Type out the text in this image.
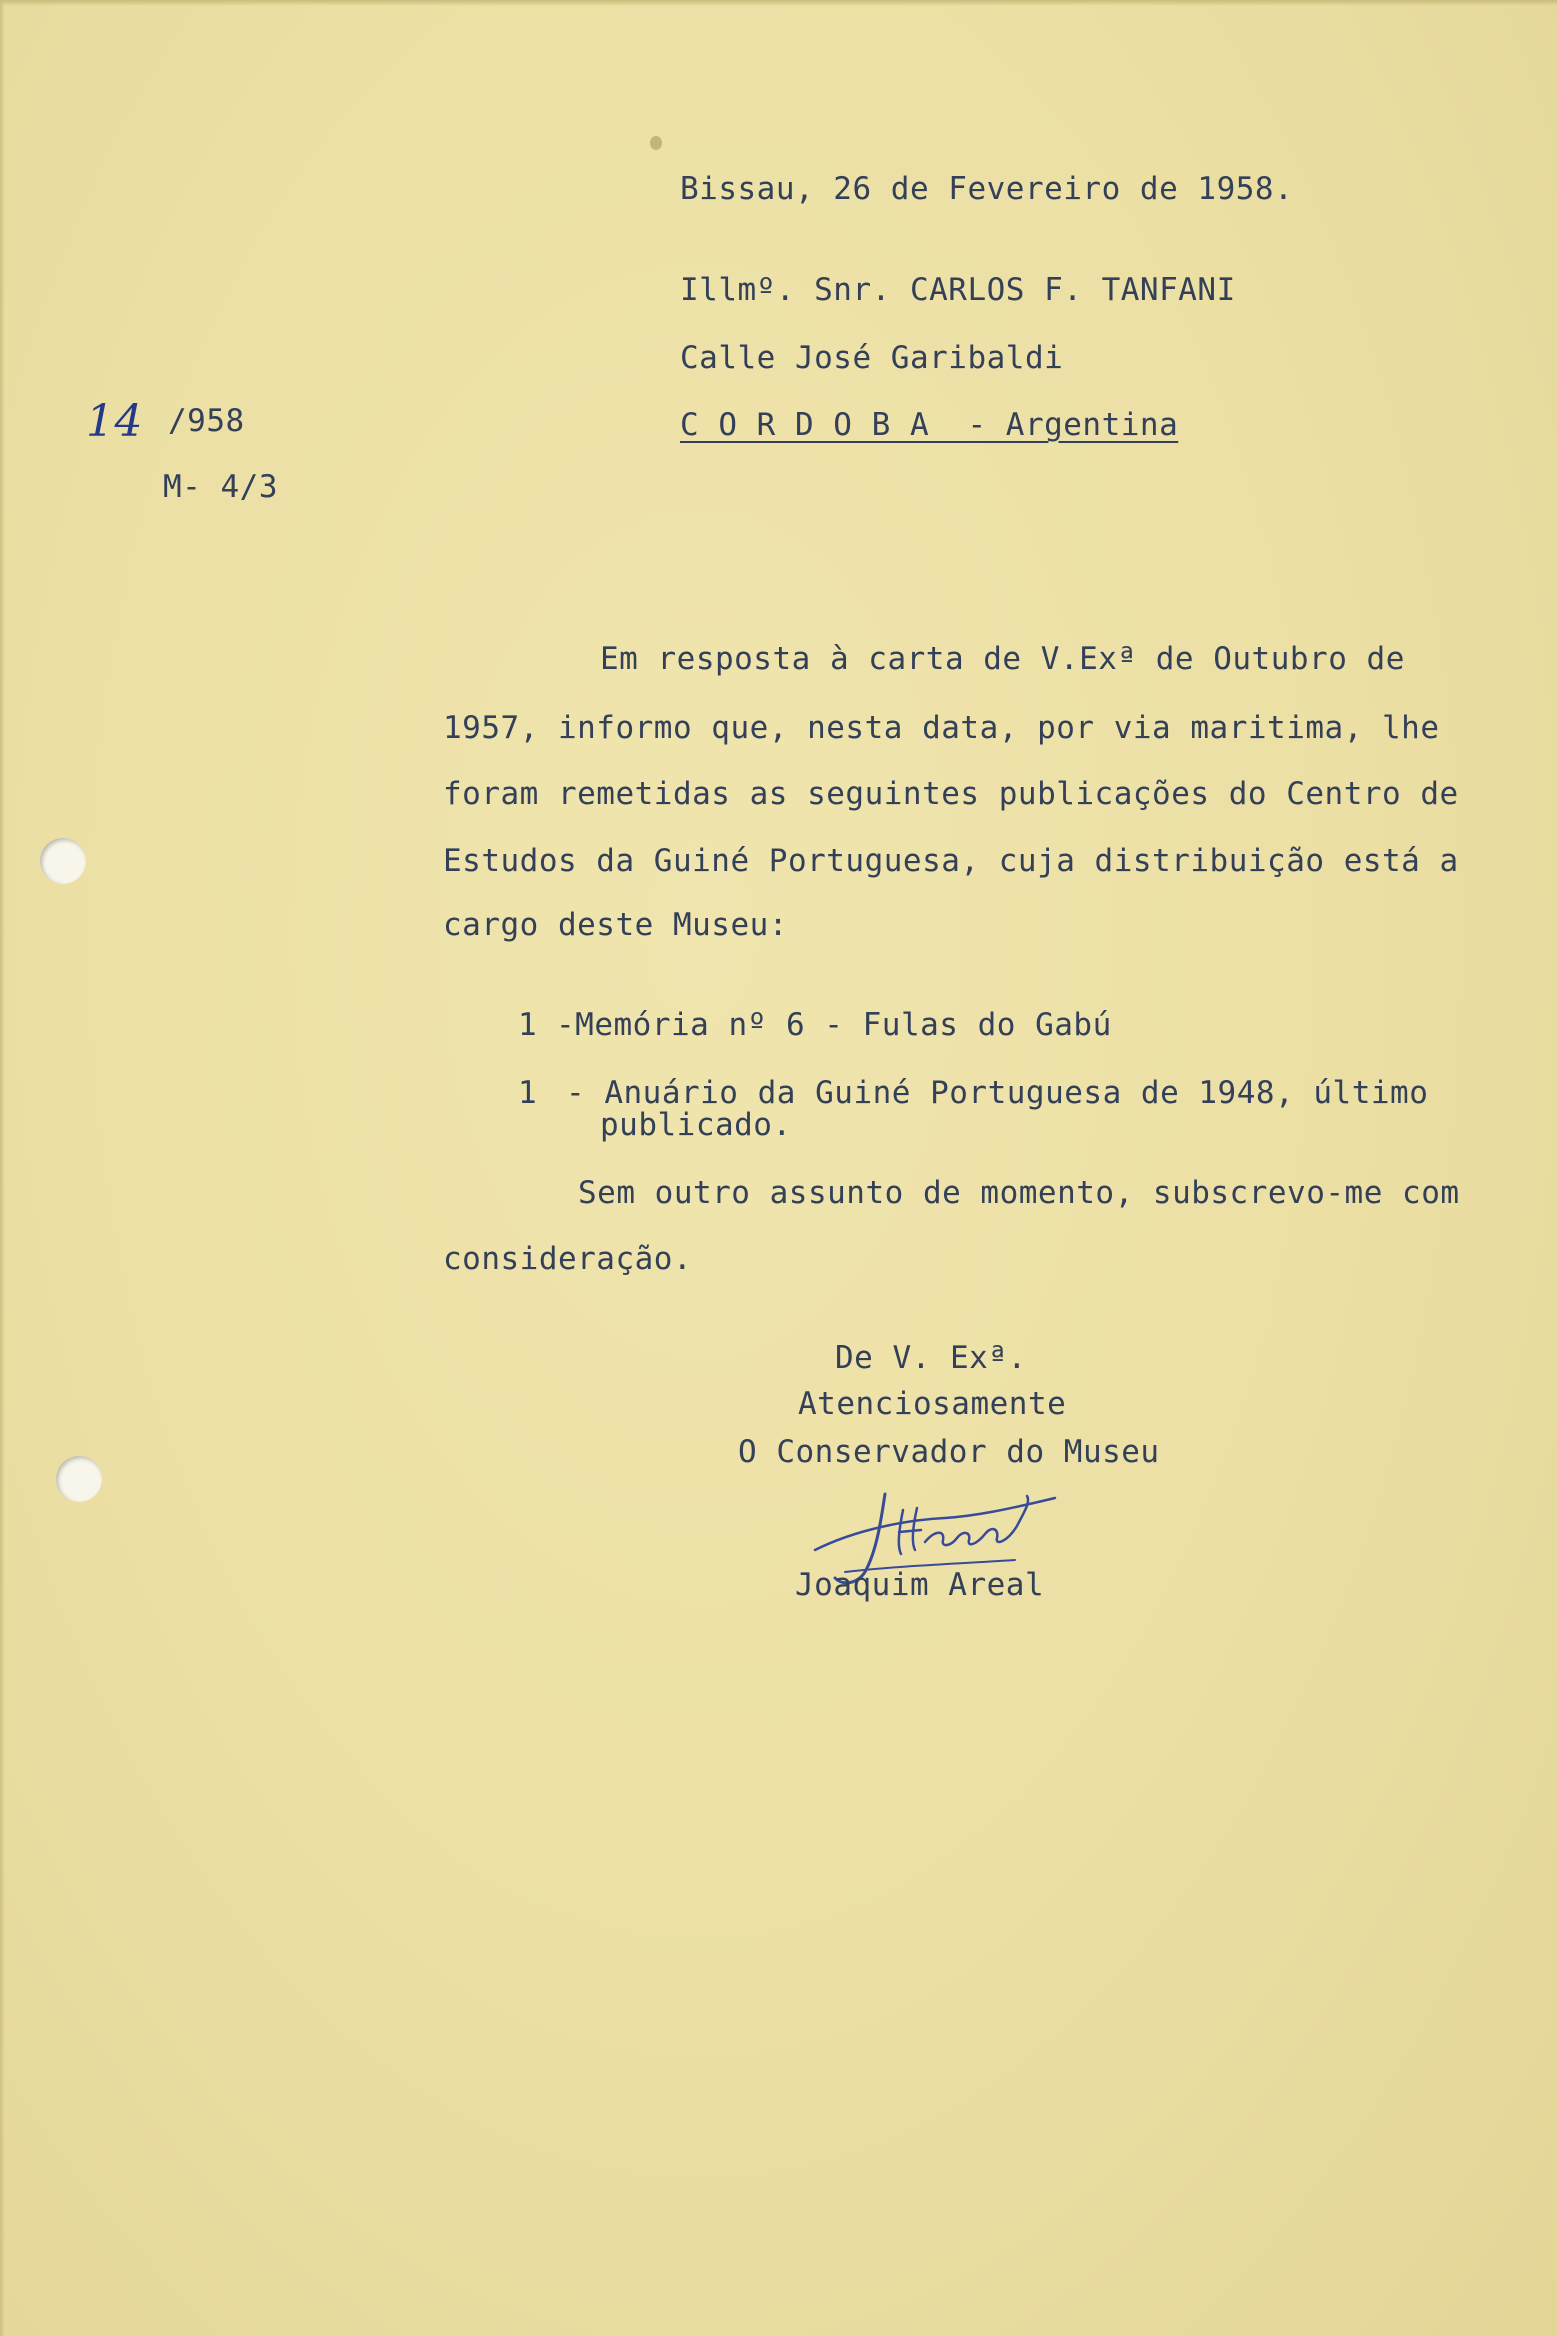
Bissau, 26 de Fevereiro de 1958.
Illmº. Snr. CARLOS F. TANFANI
Calle José Garibaldi
C O R D O B A  - Argentina
14 /958
M- 4/3
Em resposta à carta de V.Exª de Outubro de
1957, informo que, nesta data, por via maritima, lhe
foram remetidas as seguintes publicações do Centro de
Estudos da Guiné Portuguesa, cuja distribuição está a
cargo deste Museu:
1 -Memória nº 6 - Fulas do Gabú
1 - Anuário da Guiné Portuguesa de 1948, último
publicado.
Sem outro assunto de momento, subscrevo-me com
consideração.
De V. Exª.
Atenciosamente
O Conservador do Museu
Joaquim Areal
